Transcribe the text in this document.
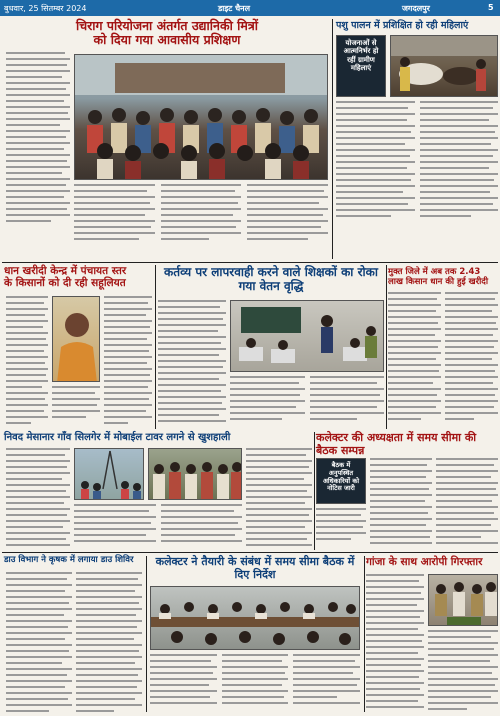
बुधवार, 25 सितम्बर 2024	डाइट चैनल	जगदलपुर	5
चिराग परियोजना अंतर्गत उद्यानिकी मित्रों
को दिया गया आवासीय प्रशिक्षण
पशु पालन में प्रशिक्षित हो रही महिलाएं
योजनाओं से आत्मनिर्भर हो रहीं ग्रामीण महिलाएं
धान खरीदी केन्द्र में पंचायत स्तर
के किसानों को दी रही सहूलियत
कर्तव्य पर लापरवाही करने वाले शिक्षकों का रोका गया वेतन वृद्धि
मुक्त जिले में अब तक 2.43 लाख किसान धान की हुई खरीदी
निवद मेसानार गॉंव सिलगेर में मोबाईल टावर लगने से खुशहाली	कलेक्टर की अध्यक्षता में समय सीमा की बैठक सम्पन्न
बैठक में अनुपस्थित अधिकारियों को नोटिस जारी
डाउ विभाग ने कृषक में लगाया डाउ शिविर	कलेक्टर ने तैयारी के संबंध में समय सीमा बैठक में दिए निर्देश
गांजा के साथ आरोपी गिरफ्तार
